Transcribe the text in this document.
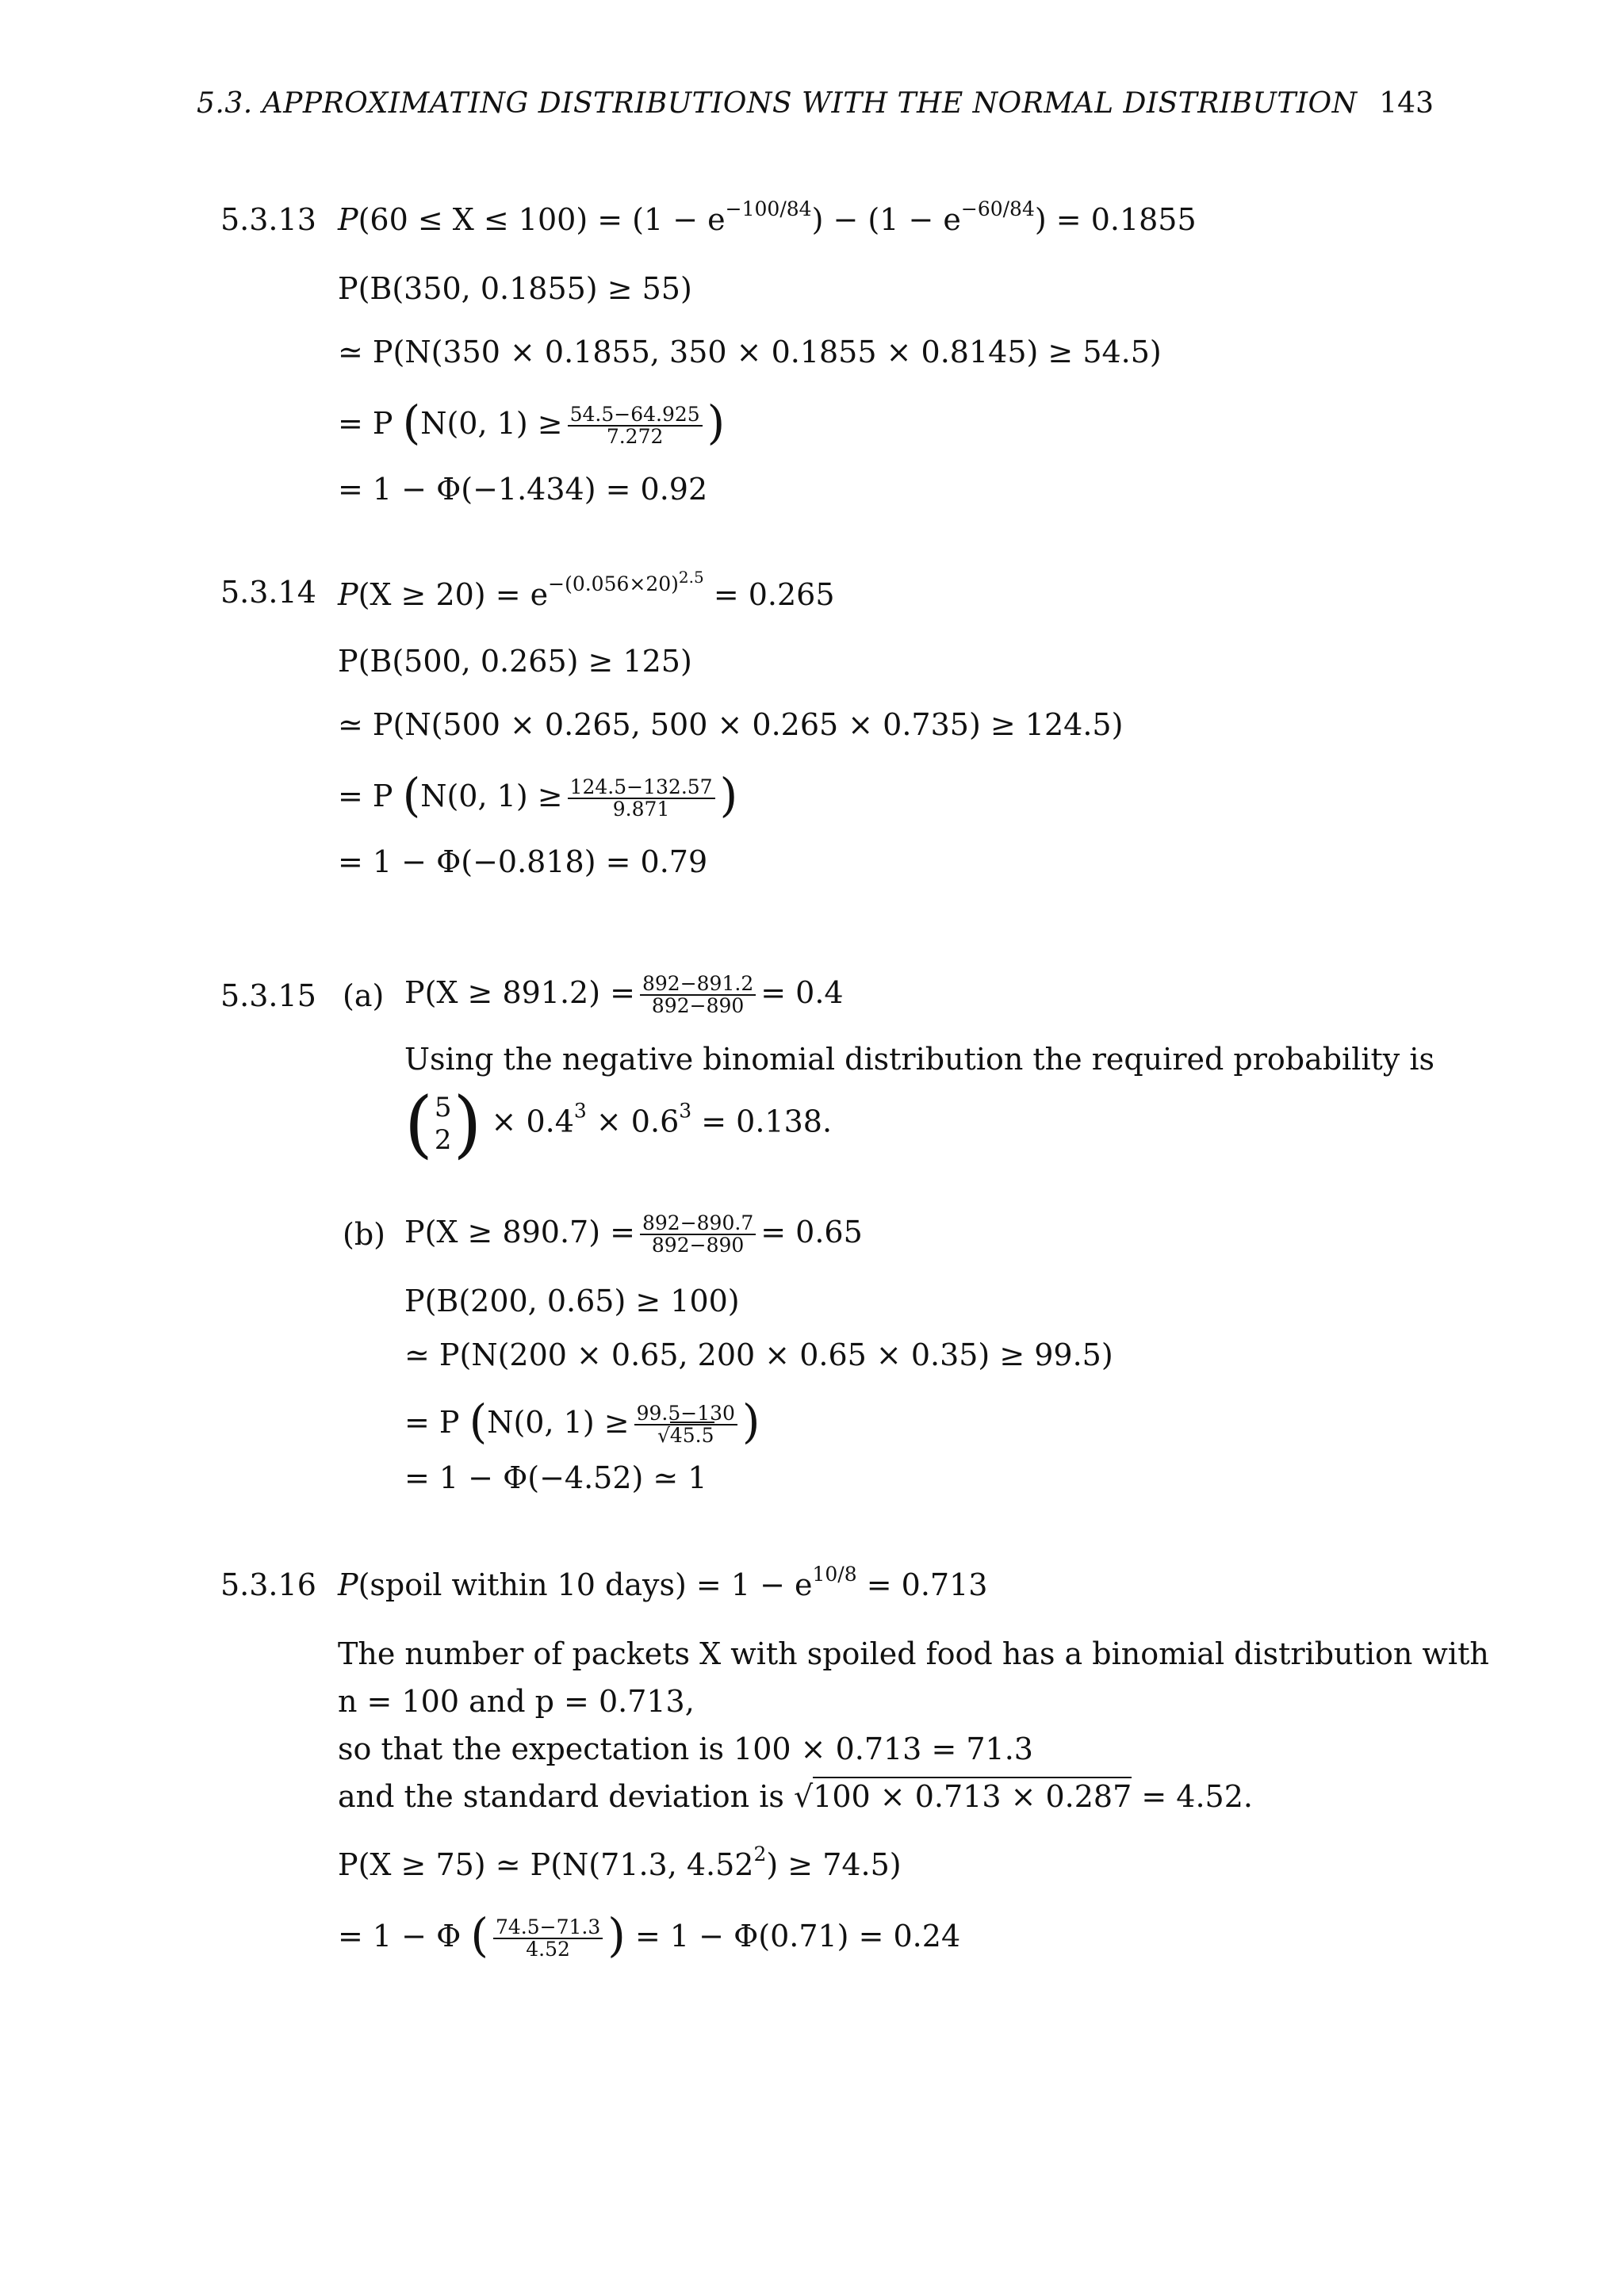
5.3. APPROXIMATING DISTRIBUTIONS WITH THE NORMAL DISTRIBUTION 143
5.3.13 $P(60 \le X \le 100) = (1 - e^{-100/84}) - (1 - e^{-60/84}) = 0.1855$
P(B(350, 0.1855) ≥ 55)
≃ P(N(350 × 0.1855, 350 × 0.1855 × 0.8145) ≥ 54.5)
= P (N(0, $1) \ge \frac{54.5-64.925}{7.272}$ )
= 1 − Φ(−1.434) = 0.92
5.3.14 $P(X \ge 20) = e^{-(0.056\times 20)^{2.5}} = 0.265$
P(B(500, 0.265) ≥ 125)
≃ P(N(500 × 0.265, 500 × 0.265 × 0.735) ≥ 124.5)
= P (N(0, $1) \ge \frac{124.5-132.57}{9.871}$ )
= 1 − Φ(−0.818) = 0.79
5.3.15 (a) $P(X \ge 891.2) = \frac{892-891.2}{892-890} = 0.4$
Using the negative binomial distribution the required probability is
( 5
2 ) × $0.4^3 \times 0.6^3 = 0.138$.
(b) $P(X \ge 890.7) = \frac{892-890.7}{892-890} = 0.65$
P(B(200, 0.65) ≥ 100)
≃ P(N(200 × 0.65, 200 × 0.65 × 0.35) ≥ 99.5)
= P (N(0, $1) \ge \frac{99.5-130}{√45.5}$ )
= 1 − Φ(−4.52) ≃ 1
5.3.16 P(spoil within 10 days) = $1 - e^{10/8} = 0.713$
The number of packets X with spoiled food has a binomial distribution with
n = 100 and p = 0.713,
so that the expectation is 100 × 0.713 = 71.3
and the standard deviation is √100 × 0.713 × 0.287 = 4.52.
P(X ≥ 75) ≃ P(N(71.3, $4.52^2) \ge 74.5$)
= 1 − Φ ( $\frac{74.5-71.3}{4.52}$ ) = 1 − Φ(0.71) = 0.24
